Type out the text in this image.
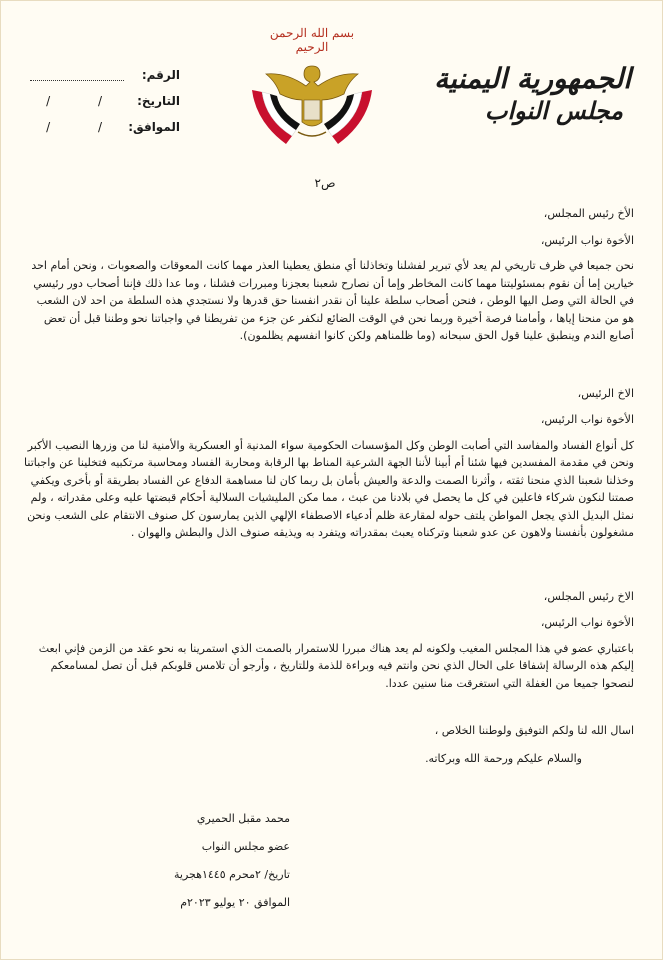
بسم الله الرحمن الرحيم
الرقم:
التاريخ:
/ /
الموافق:
/ /
الجمهورية اليمنية
مجلس النواب
ص٢

الأخ رئيس المجلس،

الأخوة نواب الرئيس،

نحن جميعا في ظرف تاريخي لم يعد لأي تبرير لفشلنا وتخاذلنا أي منطق يعطينا العذر مهما كانت المعوقات والصعوبات ، ونحن أمام احد خيارين إما أن نقوم بمسئوليتنا مهما كانت المخاطر وإما أن نصارح شعبنا بعجزنا ومبررات فشلنا ، وما عدا ذلك فإننا أصحاب دور رئيسي في الحالة التي وصل اليها الوطن ، فنحن أصحاب سلطة علينا أن نقدر انفسنا حق قدرها ولا نستجدي هذه السلطة من احد لان الشعب هو من منحنا إياها ، وأمامنا فرصة أخيرة وربما نحن في الوقت الضائع لنكفر عن جزء من تفريطنا في واجباتنا نحو وطننا قبل أن تعض أصابع الندم وينطبق علينا قول الحق سبحانه (وما ظلمناهم ولكن كانوا انفسهم يظلمون).

الاخ الرئيس،

الأخوة نواب الرئيس،

كل أنواع الفساد والمفاسد التي أصابت الوطن وكل المؤسسات الحكومية سواء المدنية أو العسكرية والأمنية لنا من وزرها النصيب الأكبر ونحن في مقدمة المفسدين فيها شئنا أم أبينا لأننا الجهة الشرعية المناط بها الرقابة ومحاربة الفساد ومحاسبة مرتكبيه فتخلينا عن واجباتنا وخذلنا شعبنا الذي منحنا ثقته ، وأثرنا الصمت والدعة والعيش بأمان بل ربما كان لنا مساهمة الدفاع عن الفساد بطريقة أو بأخرى ويكفي صمتنا لنكون شركاء فاعلين في كل ما يحصل في بلادنا من عبث ، مما مكن المليشيات السلالية أحكام قبضتها عليه وعلى مقدراته ، ولم نمثل البديل الذي يجعل المواطن يلتف حوله لمقارعة ظلم أدعياء الاصطفاء الإلهي الذين يمارسون كل صنوف الانتقام على الشعب ونحن مشغولون بأنفسنا ولاهون عن عدو شعبنا وتركناه يعبث بمقدراته ويتفرد به ويذيقه صنوف الذل والبطش والهوان .

الاخ رئيس المجلس،

الأخوة نواب الرئيس،

باعتباري عضو في هذا المجلس المغيب ولكونه لم يعد هناك مبررا للاستمرار بالصمت الذي استمرينا به نحو عقد من الزمن فإني ابعث إليكم هذه الرسالة إشفاقا على الحال الذي نحن وانتم فيه وبراءة للذمة وللتاريخ ، وأرجو أن تلامس قلوبكم قبل أن تصل لمسامعكم لنصحوا جميعا من الغفلة التي استغرقت منا سنين عددا.

اسال الله لنا ولكم التوفيق ولوطننا الخلاص ،

والسلام عليكم ورحمة الله وبركاته.

محمد مقبل الحميري
عضو مجلس النواب
تاريخ/ ٢محرم ١٤٤٥هجرية
الموافق ٢٠ يوليو ٢٠٢٣م
